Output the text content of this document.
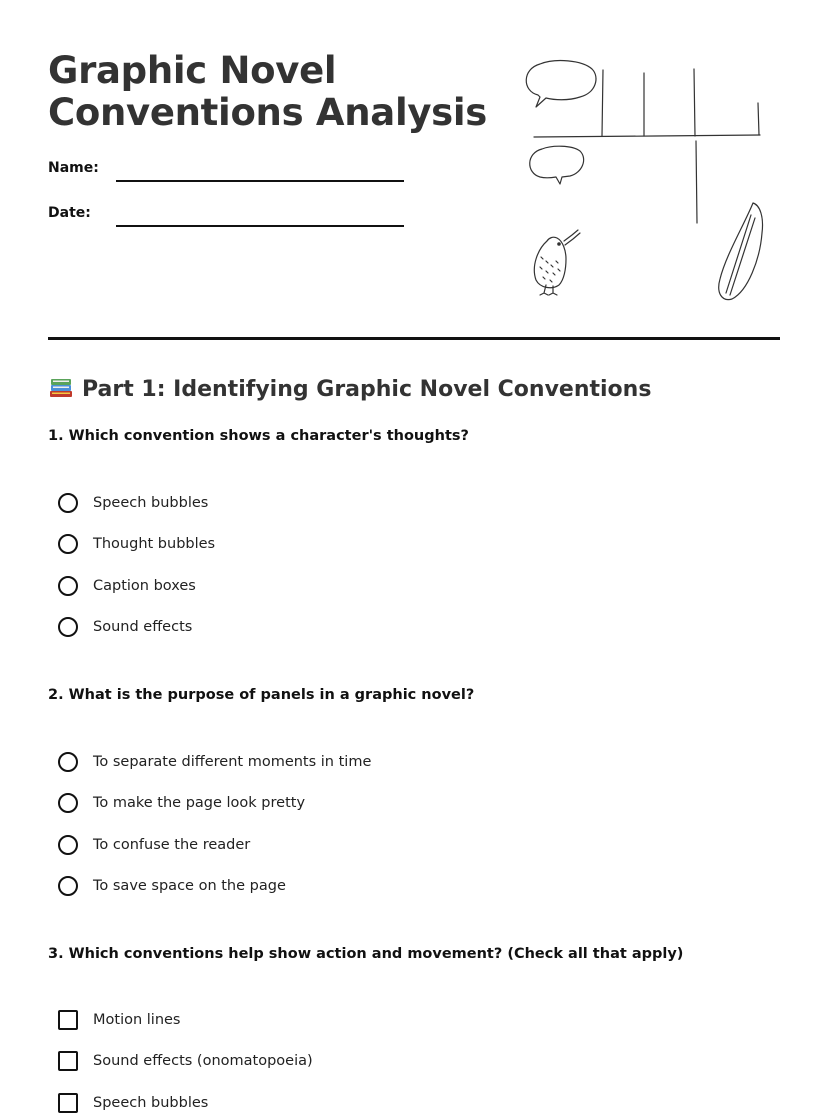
Graphic Novel
Conventions Analysis
Name:
Date:
Part 1: Identifying Graphic Novel Conventions

1. Which convention shows a character's thoughts?

Speech bubbles
Thought bubbles
Caption boxes
Sound effects

2. What is the purpose of panels in a graphic novel?

To separate different moments in time
To make the page look pretty
To confuse the reader
To save space on the page

3. Which conventions help show action and movement? (Check all that apply)

Motion lines
Sound effects (onomatopoeia)
Speech bubbles
